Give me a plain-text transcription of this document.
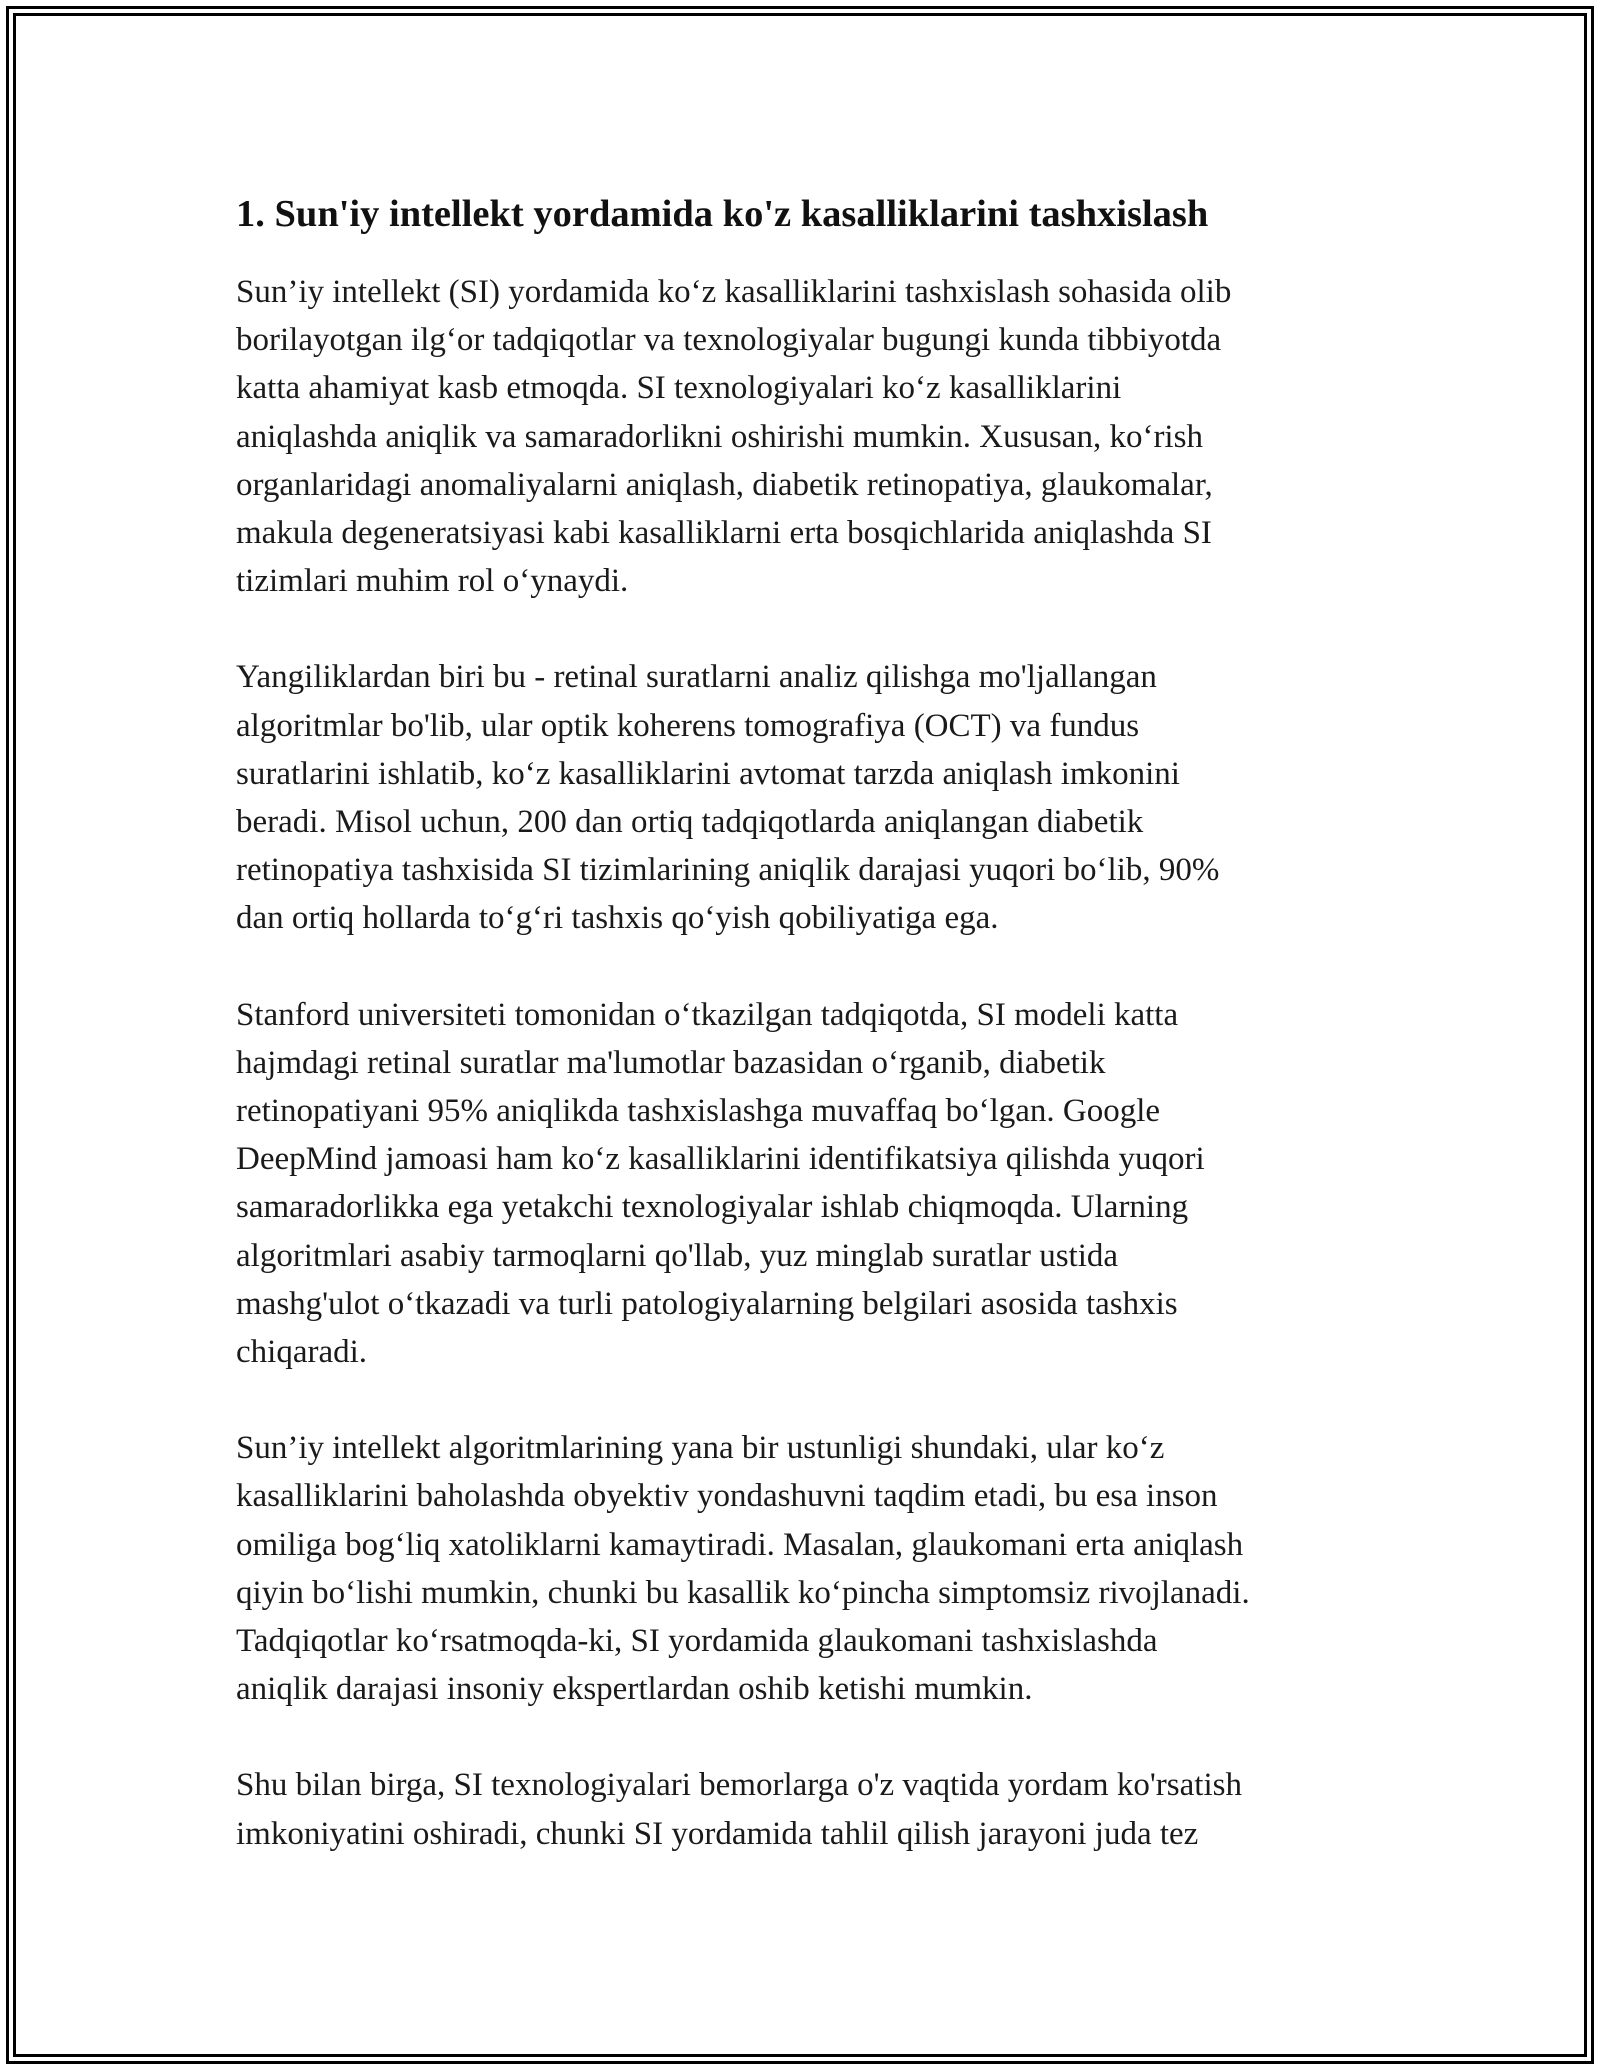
1. Sun'iy intellekt yordamida ko'z kasalliklarini tashxislash

Sun’iy intellekt (SI) yordamida ko‘z kasalliklarini tashxislash sohasida olib
borilayotgan ilg‘or tadqiqotlar va texnologiyalar bugungi kunda tibbiyotda
katta ahamiyat kasb etmoqda. SI texnologiyalari ko‘z kasalliklarini
aniqlashda aniqlik va samaradorlikni oshirishi mumkin. Xususan, ko‘rish
organlaridagi anomaliyalarni aniqlash, diabetik retinopatiya, glaukomalar,
makula degeneratsiyasi kabi kasalliklarni erta bosqichlarida aniqlashda SI
tizimlari muhim rol o‘ynaydi.

Yangiliklardan biri bu - retinal suratlarni analiz qilishga mo'ljallangan
algoritmlar bo'lib, ular optik koherens tomografiya (OCT) va fundus
suratlarini ishlatib, ko‘z kasalliklarini avtomat tarzda aniqlash imkonini
beradi. Misol uchun, 200 dan ortiq tadqiqotlarda aniqlangan diabetik
retinopatiya tashxisida SI tizimlarining aniqlik darajasi yuqori bo‘lib, 90%
dan ortiq hollarda to‘g‘ri tashxis qo‘yish qobiliyatiga ega.

Stanford universiteti tomonidan o‘tkazilgan tadqiqotda, SI modeli katta
hajmdagi retinal suratlar ma'lumotlar bazasidan o‘rganib, diabetik
retinopatiyani 95% aniqlikda tashxislashga muvaffaq bo‘lgan. Google
DeepMind jamoasi ham ko‘z kasalliklarini identifikatsiya qilishda yuqori
samaradorlikka ega yetakchi texnologiyalar ishlab chiqmoqda. Ularning
algoritmlari asabiy tarmoqlarni qo'llab, yuz minglab suratlar ustida
mashg'ulot o‘tkazadi va turli patologiyalarning belgilari asosida tashxis
chiqaradi.

Sun’iy intellekt algoritmlarining yana bir ustunligi shundaki, ular ko‘z
kasalliklarini baholashda obyektiv yondashuvni taqdim etadi, bu esa inson
omiliga bog‘liq xatoliklarni kamaytiradi. Masalan, glaukomani erta aniqlash
qiyin bo‘lishi mumkin, chunki bu kasallik ko‘pincha simptomsiz rivojlanadi.
Tadqiqotlar ko‘rsatmoqda-ki, SI yordamida glaukomani tashxislashda
aniqlik darajasi insoniy ekspertlardan oshib ketishi mumkin.

Shu bilan birga, SI texnologiyalari bemorlarga o'z vaqtida yordam ko'rsatish
imkoniyatini oshiradi, chunki SI yordamida tahlil qilish jarayoni juda tez
